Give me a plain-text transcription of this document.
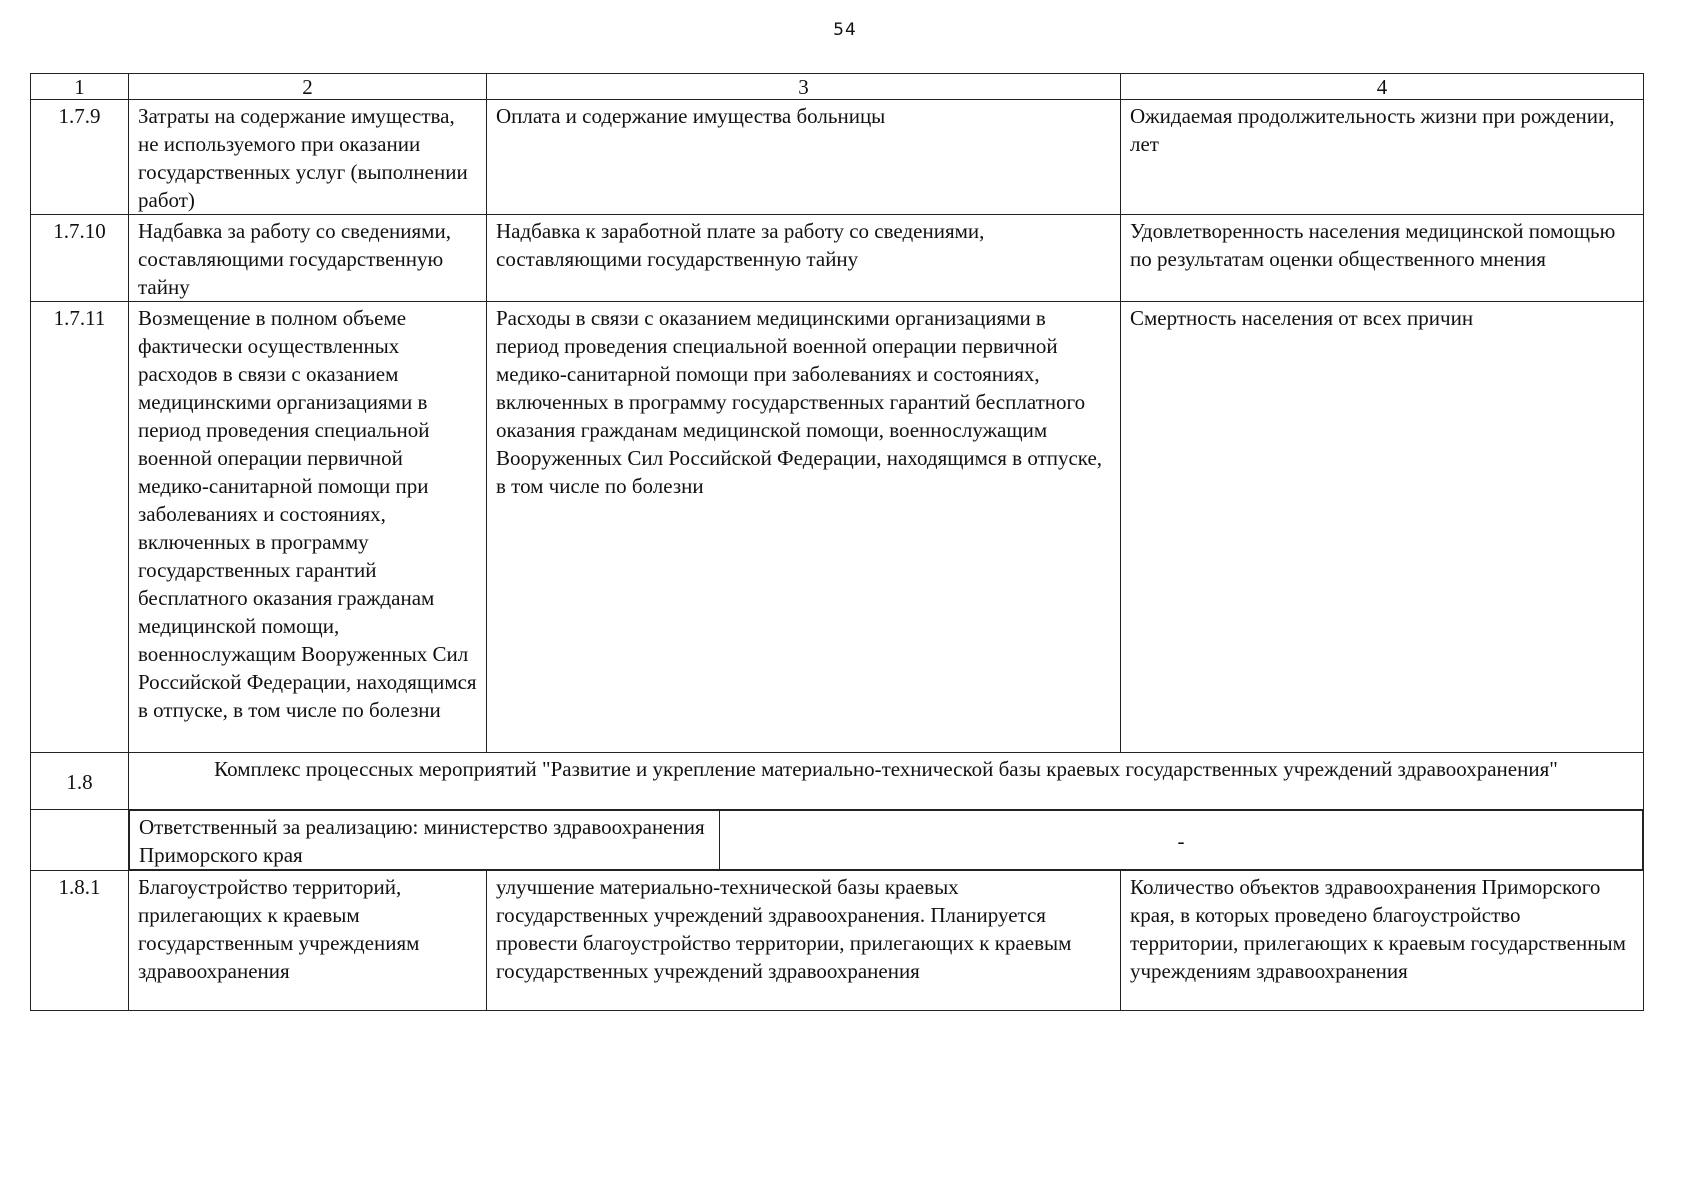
54
1	2	3	4
1.7.9	Затраты на содержание имущества, не используемого при оказании государственных услуг (выполнении работ)	Оплата и содержание имущества больницы	Ожидаемая продолжительность жизни при рождении, лет
1.7.10	Надбавка за работу со сведениями, составляющими государственную тайну	Надбавка к заработной плате за работу со сведениями, составляющими государственную тайну	Удовлетворенность населения медицинской помощью по результатам оценки общественного мнения
1.7.11	Возмещение в полном объеме фактически осуществленных расходов в связи с оказанием медицинскими организациями в период проведения специальной военной операции первичной медико-санитарной помощи при заболеваниях и состояниях, включенных в программу государственных гарантий бесплатного оказания гражданам медицинской помощи, военнослужащим Вооруженных Сил Российской Федерации, находящимся в отпуске, в том числе по болезни	Расходы в связи с оказанием медицинскими организациями в период проведения специальной военной операции первичной медико-санитарной помощи при заболеваниях и состояниях, включенных в программу государственных гарантий бесплатного оказания гражданам медицинской помощи, военнослужащим Вооруженных Сил Российской Федерации, находящимся в отпуске, в том числе по болезни	Смертность населения от всех причин
1.8	Комплекс процессных мероприятий "Развитие и укрепление материально-технической базы краевых государственных учреждений здравоохранения"

Ответственный за реализацию: министерство здравоохранения Приморского края	-

1.8.1	Благоустройство территорий, прилегающих к краевым государственным учреждениям здравоохранения	улучшение материально-технической базы краевых государственных учреждений здравоохранения. Планируется провести благоустройство территории, прилегающих к краевым государственных учреждений здравоохранения	Количество объектов здравоохранения Приморского края, в которых проведено благоустройство территории, прилегающих к краевым государственным учреждениям здравоохранения
